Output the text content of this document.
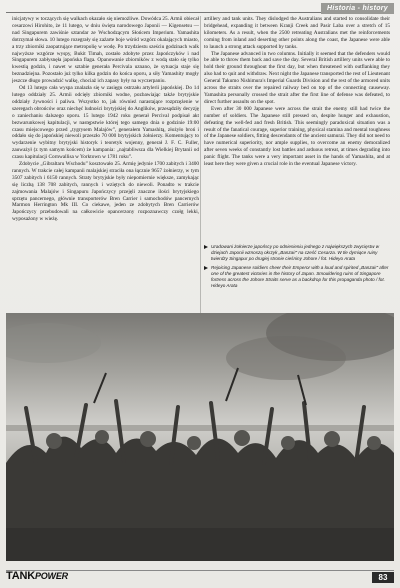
Historia - history

inicjatywy w toczących się walkach okazało się niemożliwe. Dowódca 25. Armii obiecał cesarzowi Hirohito, że 11 lutego, w dniu święta narodowego Japonii — Kigensetsu — nad Singapurem zawiśnie sztandar ze Wschodzącym Słońcem Imperium. Yamashita dotrzymał słowa. 10 lutego rozegrały się zażarte boje wśród wzgórz okalających miasto, a trzy zbiorniki zaopatrujące metropolię w wodę. Po trzydziestu sześciu godzinach walk najwyższe wzgórze wyspy, Bukit Timah, zostało zdobyte przez Japończyków i nad Singapurem zabłysnęła japońska flaga. Opanowanie zbiorników z wodą stało się tylko kwestią godzin, i nawet w sztabie generała Percivala uznano, że sytuacja staje się beznadziejna. Pozostało już tylko kilka godzin do końca oporu, a siły Yamashity mogły jeszcze długo prowadzić walkę, chociaż ich zapasy były na wyczerpaniu.

Od 13 lutego cała wyspa znalazła się w zasięgu ostrzału artylerii japońskiej. Do 14 lutego oddziały 25. Armii odcięły zbiorniki wodne, pozbawiając także brytyjskie oddziały żywności i paliwa. Wszystko to, jak również narastające rozprzężenie w szeregach obrońców oraz niechęć ludności brytyjskiej do Anglików, przesądziły decyzję o zaniechaniu dalszego oporu. 15 lutego 1942 roku generał Percival podpisał akt bezwarunkowej kapitulacji, w następstwie której tego samego dnia o godzinie 19:00 czasu miejscowego przed „tygrysem Malajów”, generałem Yamashitą, złożyło broń i oddało się do japońskiej niewoli przeszło 70 000 brytyjskich żołnierzy. Komentujący to wydarzenie wybitny brytyjski historyk i teoretyk wojenny, generał J. F. C. Fuller, zauważył (z tym samym końcem) że kampania: „najtabliwsza dla Wielkiej Brytanii od czasu kapitulacji Cornwallisa w Yorktown w 1781 roku”.

Zdobycie „Gibraltaru Wschodu” kosztowało 25. Armię jedynie 1700 zabitych i 3400 rannych. W trakcie całej kampanii malajskiej straciła ona łącznie 9657 żołnierzy, w tym 3507 zabitych i 6150 rannych. Straty brytyjskie były niepomiernie większe, zamykając się liczbą 138 708 zabitych, rannych i wziętych do niewoli. Ponadto w trakcie zajmowania Malajów i Singapuru Japończycy przejęli znaczne ilości brytyjskiego sprzętu pancernego, głównie transporterów Bren Carrier i samochodów pancernych Marmon Herrington Mk III. Co ciekawe, jeden ze zdobytych Bren Carrierów Japończycy przebudowali na całkowicie opancerzony rozpoznawczy czołg lekki, wyposażony w wieżę.

artillery and tank units. They dislodged the Australians and started to consolidate their bridgehead, expanding it between Kranji Creek and Pasir Laba over a stretch of 15 kilometers. As a result, when the 2500 retreating Australians met the reinforcements coming from inland and deserting other points along the coast, the Japanese were able to launch a strong attack supported by tanks.

The Japanese advanced in two columns. Initially it seemed that the defenders would be able to throw them back and save the day. Several British artillery units were able to hold their ground throughout the first day, but when threatened with outflanking they also had to quit and withdraw. Next night the Japanese transported the rest of Lieutenant General Takumo Nishimura's Imperial Guards Division and the rest of the armored units across the straits over the repaired railway bed on top of the connecting causeway. Yamashita personally crossed the strait after the first line of defense was defeated, to direct further assaults on the spot.

Even after 30 000 Japanese were across the strait the enemy still had twice the number of soldiers. The Japanese still pressed on, despite hunger and exhaustion, defeating the well-fed and fresh British. This seemingly paradoxical situation was a result of the fanatical courage, superior training, physical stamina and mental toughness of the Japanese soldiers, fitting descendants of the ancient samurai. They did not need to have numerical superiority, nor ample supplies, to overcome an enemy demoralized after seven weeks of constantly lost battles and arduous retreat, at times degrading into panic flight. The tanks were a very important asset in the hands of Yamashita, and at least here they were given a crucial role in the eventual Japanese victory.

Uradowani żołnierze japońscy po odniesieniu jednego z największych zwycięstw w dziejach Japonii wznoszą okrzyk „Banzai!” na cześć Cesarza. W tle dymiące ruiny twierdzy Singapur po drugiej stronie cieśniny Johore / fot. Hideyo Arata
Rejoicing Japanese soldiers cheer their Emperor with a loud and spirited „Banzai!” after one of the greatest victories in the history of Japan. Smouldering ruins of Singapore fortress across the Johore Straits serve as a backdrop for this propaganda photo / fot. Hideyo Arata
TANKPOWER	83
